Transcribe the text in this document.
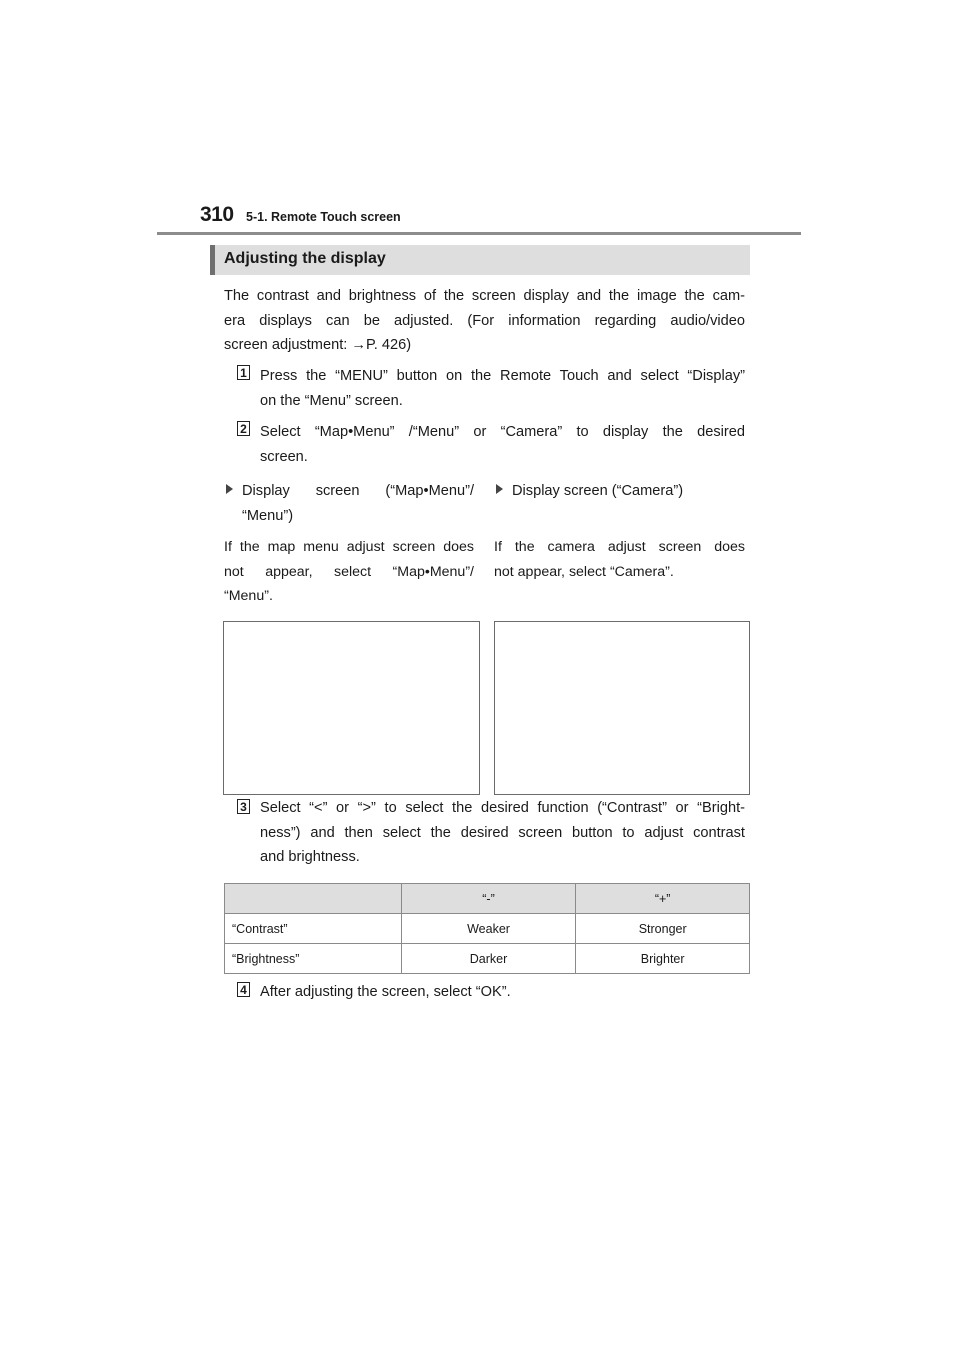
310 5-1. Remote Touch screen
Adjusting the display
The contrast and brightness of the screen display and the image the cam-
era displays can be adjusted. (For information regarding audio/video
screen adjustment: →P. 426)
1 Press the “MENU” button on the Remote Touch and select “Display”
on the “Menu” screen.
2 Select “Map•Menu” /“Menu” or “Camera” to display the desired
screen.
Display screen (“Map•Menu”/
“Menu”)
Display screen (“Camera”)
If the map menu adjust screen does
not appear, select “Map•Menu”/
“Menu”.
If the camera adjust screen does
not appear, select “Camera”.
3 Select “<” or “>” to select the desired function (“Contrast” or “Bright-
ness”) and then select the desired screen button to adjust contrast
and brightness.
	“-”	“+”
“Contrast”	Weaker	Stronger
“Brightness”	Darker	Brighter
4 After adjusting the screen, select “OK”.
